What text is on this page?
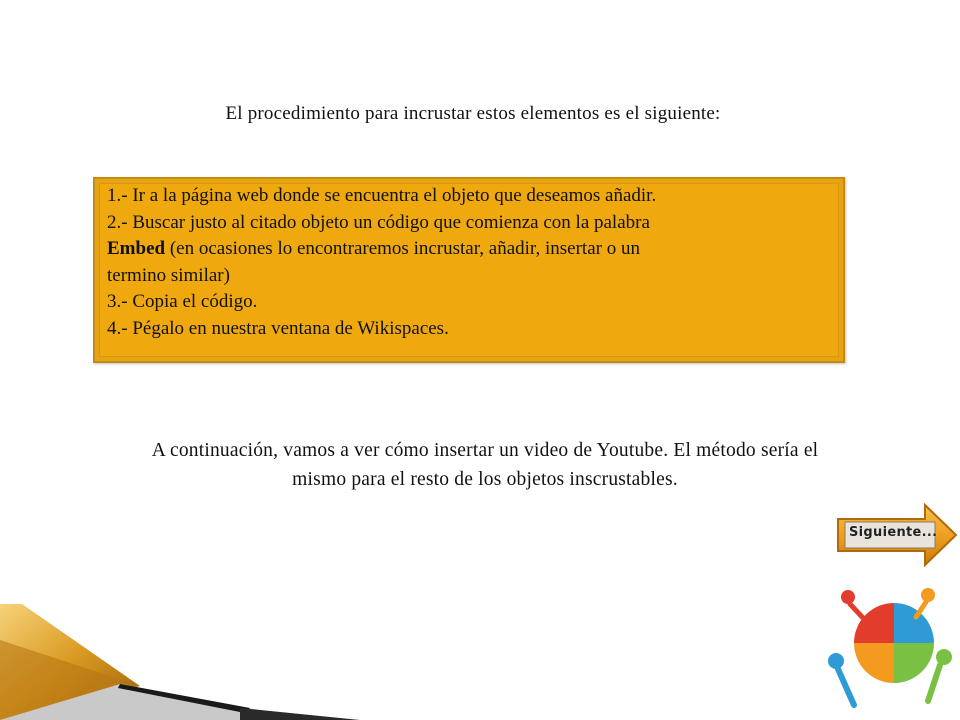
El procedimiento para incrustar estos elementos es el siguiente:
1.- Ir a la página web donde se encuentra el objeto que deseamos añadir.
2.- Buscar justo al citado objeto un código que comienza con la palabra
Embed (en ocasiones lo encontraremos incrustar, añadir, insertar o un
termino similar)
3.- Copia el código.
4.- Pégalo en nuestra ventana de Wikispaces.
A continuación, vamos a ver cómo insertar un video de Youtube. El método sería el
mismo para el resto de los objetos inscrustables.
Siguiente...
